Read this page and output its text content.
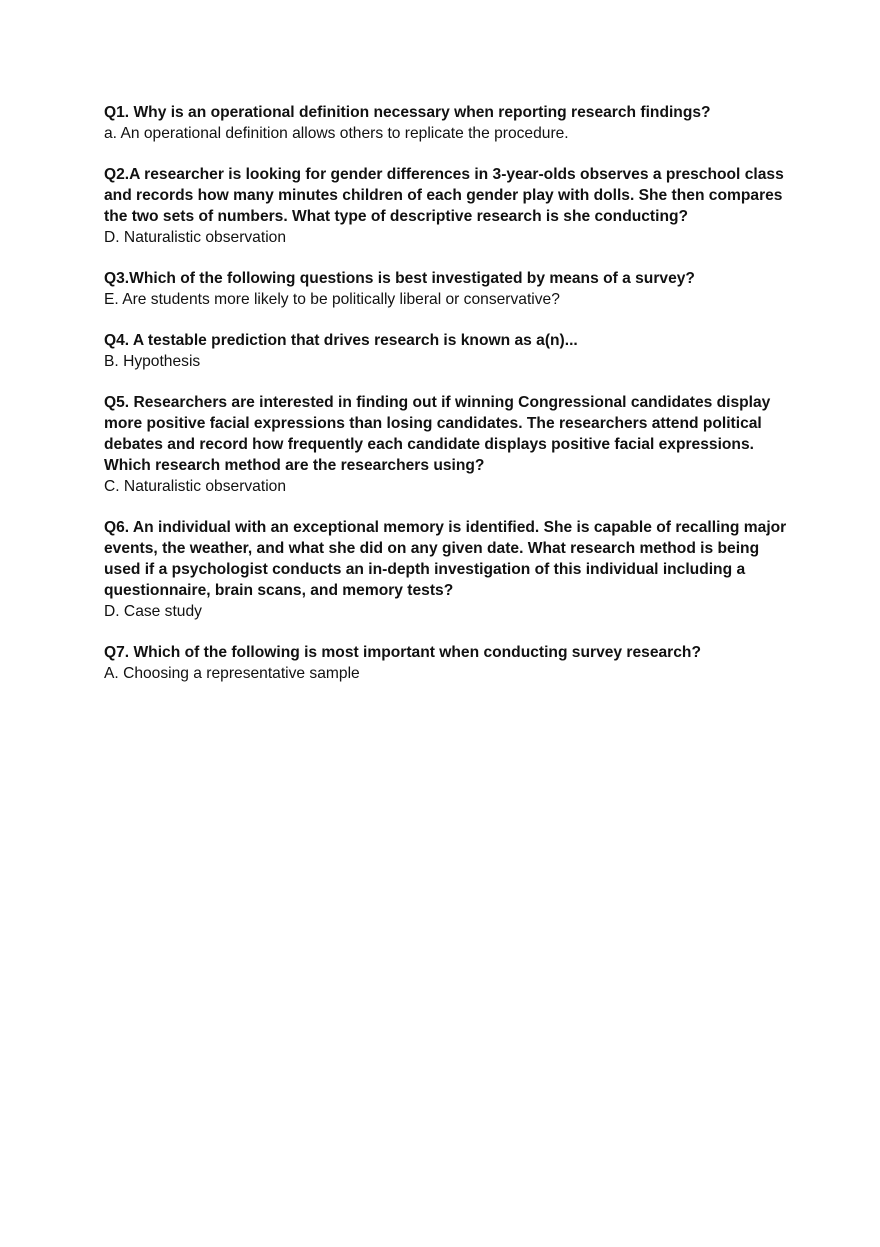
Q1. Why is an operational definition necessary when reporting research findings?

a. An operational definition allows others to replicate the procedure.

Q2.A researcher is looking for gender differences in 3-year-olds observes a preschool class and records how many minutes children of each gender play with dolls. She then compares the two sets of numbers. What type of descriptive research is she conducting?

D. Naturalistic observation

Q3.Which of the following questions is best investigated by means of a survey?

E. Are students more likely to be politically liberal or conservative?

Q4. A testable prediction that drives research is known as a(n)...

B. Hypothesis

Q5. Researchers are interested in finding out if winning Congressional candidates display more positive facial expressions than losing candidates. The researchers attend political debates and record how frequently each candidate displays positive facial expressions. Which research method are the researchers using?

C. Naturalistic observation

Q6. An individual with an exceptional memory is identified. She is capable of recalling major events, the weather, and what she did on any given date. What research method is being used if a psychologist conducts an in-depth investigation of this individual including a questionnaire, brain scans, and memory tests?

D. Case study

Q7. Which of the following is most important when conducting survey research?

A. Choosing a representative sample
